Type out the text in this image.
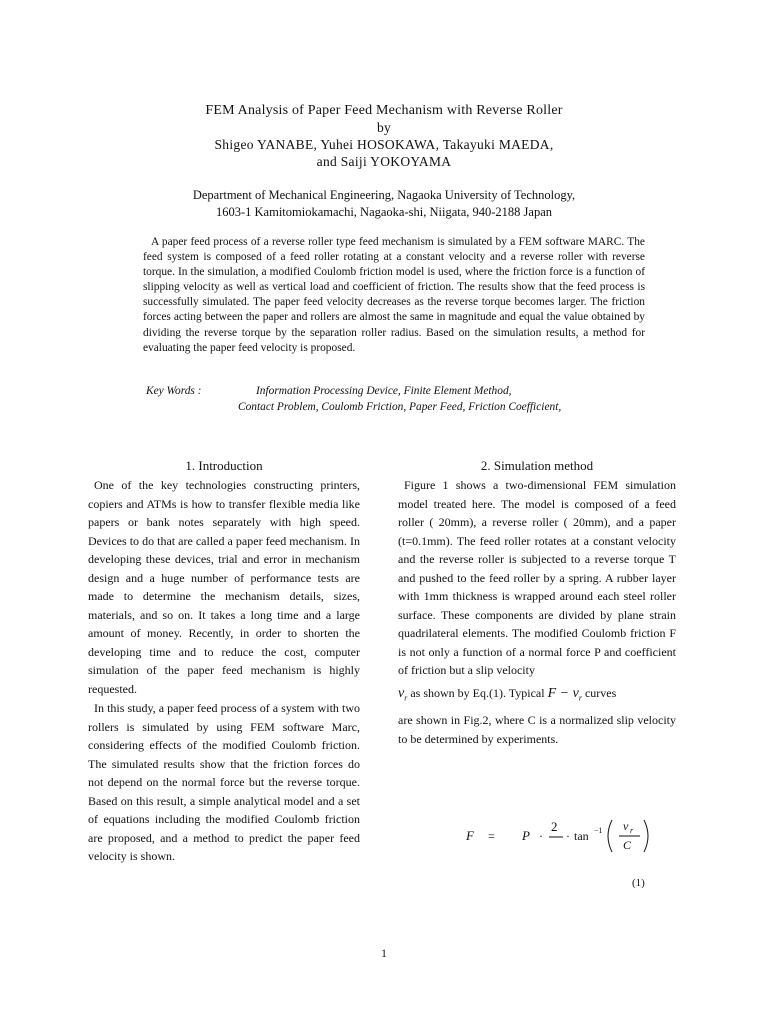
FEM Analysis of Paper Feed Mechanism with Reverse Roller
by
Shigeo YANABE, Yuhei HOSOKAWA, Takayuki MAEDA,
and Saiji YOKOYAMA
Department of Mechanical Engineering, Nagaoka University of Technology,
1603-1 Kamitomiokamachi, Nagaoka-shi, Niigata, 940-2188 Japan
A paper feed process of a reverse roller type feed mechanism is simulated by a FEM software MARC. The feed system is composed of a feed roller rotating at a constant velocity and a reverse roller with reverse torque. In the simulation, a modified Coulomb friction model is used, where the friction force is a function of slipping velocity as well as vertical load and coefficient of friction. The results show that the feed process is successfully simulated. The paper feed velocity decreases as the reverse torque becomes larger. The friction forces acting between the paper and rollers are almost the same in magnitude and equal the value obtained by dividing the reverse torque by the separation roller radius. Based on the simulation results, a method for evaluating the paper feed velocity is proposed.
Key Words :	Information Processing Device, Finite Element Method,
Contact Problem, Coulomb Friction, Paper Feed, Friction Coefficient,
1. Introduction

One of the key technologies constructing printers, copiers and ATMs is how to transfer flexible media like papers or bank notes separately with high speed. Devices to do that are called a paper feed mechanism. In developing these devices, trial and error in mechanism design and a huge number of performance tests are made to determine the mechanism details, sizes, materials, and so on. It takes a long time and a large amount of money. Recently, in order to shorten the developing time and to reduce the cost, computer simulation of the paper feed mechanism is highly requested.

In this study, a paper feed process of a system with two rollers is simulated by using FEM software Marc, considering effects of the modified Coulomb friction. The simulated results show that the friction forces do not depend on the normal force but the reverse torque. Based on this result, a simple analytical model and a set of equations including the modified Coulomb friction are proposed, and a method to predict the paper feed velocity is shown.

2. Simulation method

Figure 1 shows a two-dimensional FEM simulation model treated here. The model is composed of a feed roller ( 20mm), a reverse roller ( 20mm), and a paper (t=0.1mm). The feed roller rotates at a constant velocity and the reverse roller is subjected to a reverse torque T and pushed to the feed roller by a spring. A rubber layer with 1mm thickness is wrapped around each steel roller surface. These components are divided by plane strain quadrilateral elements. The modified Coulomb friction F is not only a function of a normal force P and coefficient of friction but a slip velocity

$v_r$ as shown by Eq.(1). Typical $F - v_r$ curves

are shown in Fig.2, where C is a normalized slip velocity to be determined by experiments.

F = P ·
2
· tan −1 v r
C
(1)
1
